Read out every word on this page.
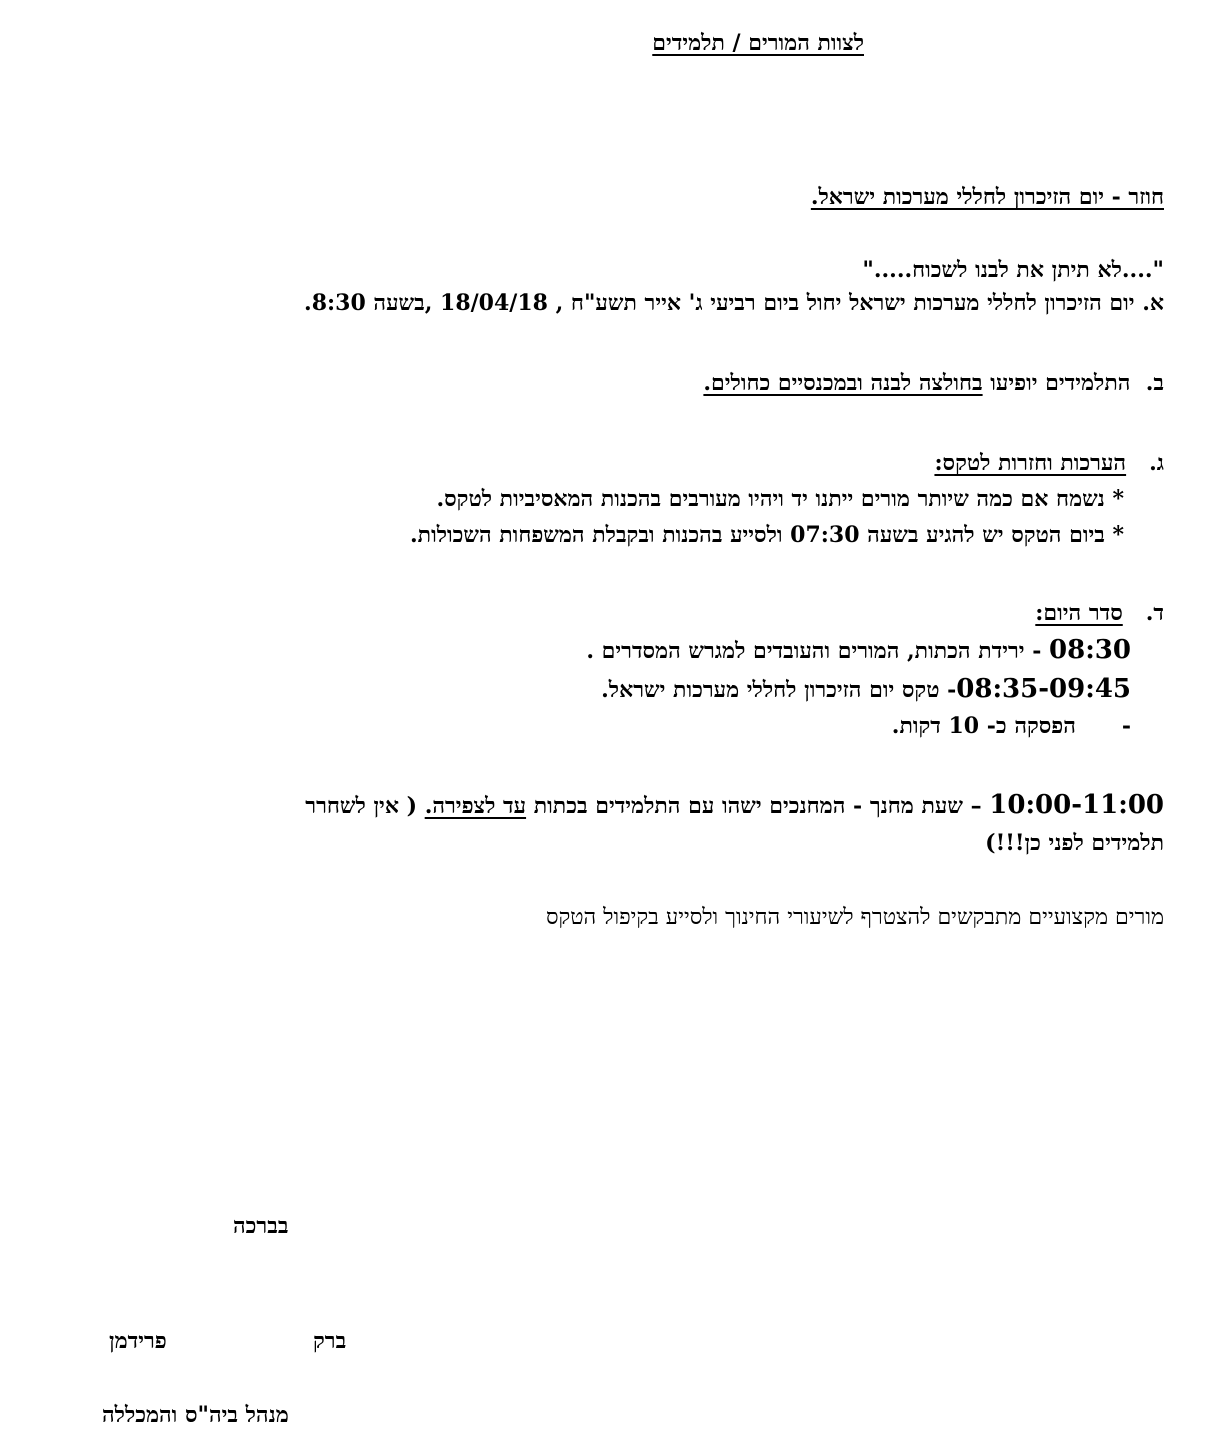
לצוות המורים / תלמידים

חוזר - יום הזיכרון לחללי מערכות ישראל.

"....לא תיתן את לבנו לשכוח....."

א. יום הזיכרון לחללי מערכות ישראל יחול ביום רביעי ג' אייר תשע"ח , 18/04/18 ,בשעה 8:30.

ב.  התלמידים יופיעו בחולצה לבנה ובמכנסיים כחולים.

ג.   הערכות וחזרות לטקס:

* נשמח אם כמה שיותר מורים ייתנו יד ויהיו מעורבים בהכנות המאסיביות לטקס.

* ביום הטקס יש להגיע בשעה 07:30 ולסייע בהכנות ובקבלת המשפחות השכולות.

ד.   סדר היום:

08:30 - ירידת הכתות, המורים והעובדים למגרש המסדרים .
08:35-09:45- טקס יום הזיכרון לחללי מערכות ישראל.
-      הפסקה כ- 10 דקות.
10:00-11:00 – שעת מחנך - המחנכים ישהו עם התלמידים בכתות עד לצפירה. ( אין לשחרר

תלמידים לפני כן!!!)

מורים מקצועיים מתבקשים להצטרף לשיעורי החינוך ולסייע בקיפול הטקס

בברכה

ברק

פרידמן

מנהל ביה"ס והמכללה
